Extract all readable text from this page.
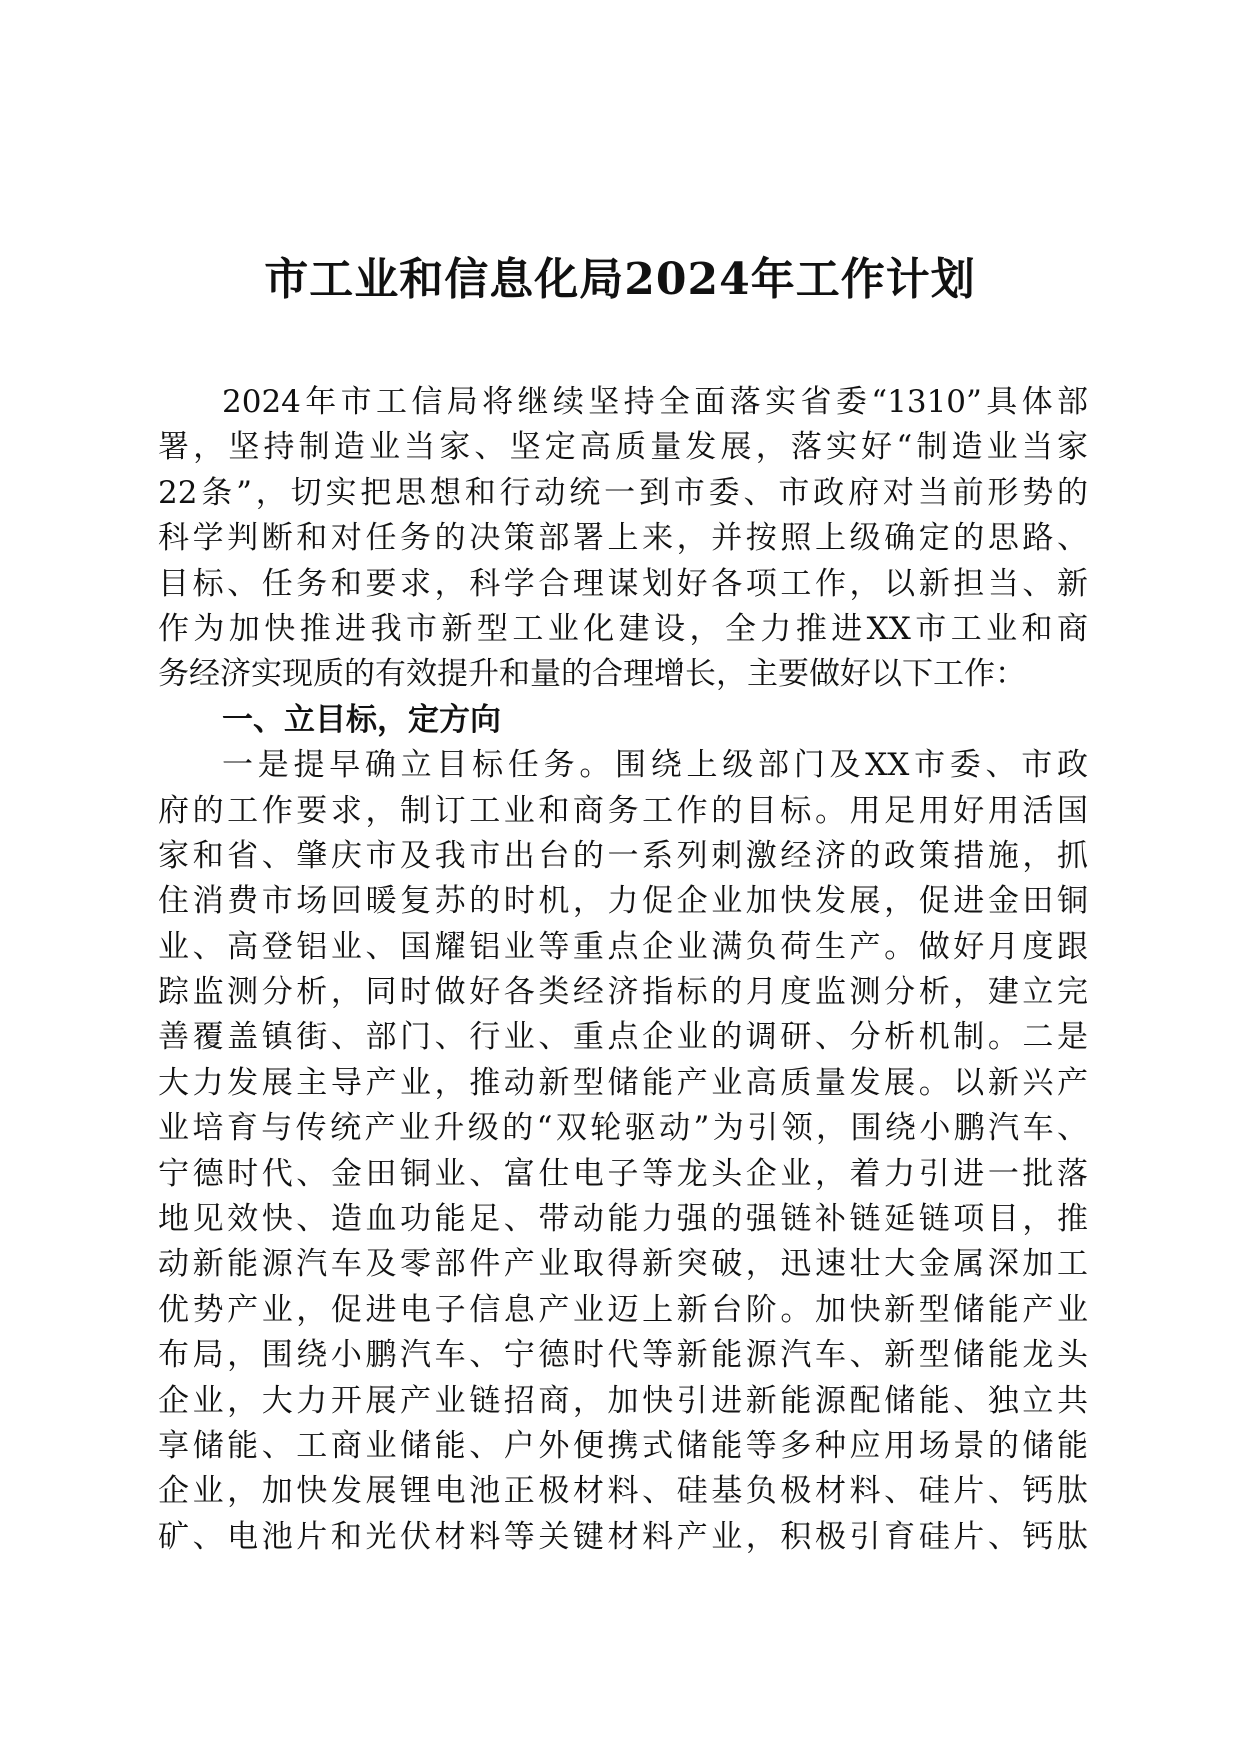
市工业和信息化局2024年工作计划
2024年市工信局将继续坚持全面落实省委“1310”具体部
署，坚持制造业当家、坚定高质量发展，落实好“制造业当家
22条”，切实把思想和行动统一到市委、市政府对当前形势的
科学判断和对任务的决策部署上来，并按照上级确定的思路、
目标、任务和要求，科学合理谋划好各项工作，以新担当、新
作为加快推进我市新型工业化建设，全力推进XX市工业和商
务经济实现质的有效提升和量的合理增长，主要做好以下工作：
一、立目标，定方向
一是提早确立目标任务。围绕上级部门及XX市委、市政
府的工作要求，制订工业和商务工作的目标。用足用好用活国
家和省、肇庆市及我市出台的一系列刺激经济的政策措施，抓
住消费市场回暖复苏的时机，力促企业加快发展，促进金田铜
业、高登铝业、国耀铝业等重点企业满负荷生产。做好月度跟
踪监测分析，同时做好各类经济指标的月度监测分析，建立完
善覆盖镇街、部门、行业、重点企业的调研、分析机制。二是
大力发展主导产业，推动新型储能产业高质量发展。以新兴产
业培育与传统产业升级的“双轮驱动”为引领，围绕小鹏汽车、
宁德时代、金田铜业、富仕电子等龙头企业，着力引进一批落
地见效快、造血功能足、带动能力强的强链补链延链项目，推
动新能源汽车及零部件产业取得新突破，迅速壮大金属深加工
优势产业，促进电子信息产业迈上新台阶。加快新型储能产业
布局，围绕小鹏汽车、宁德时代等新能源汽车、新型储能龙头
企业，大力开展产业链招商，加快引进新能源配储能、独立共
享储能、工商业储能、户外便携式储能等多种应用场景的储能
企业，加快发展锂电池正极材料、硅基负极材料、硅片、钙肽
矿、电池片和光伏材料等关键材料产业，积极引育硅片、钙肽
